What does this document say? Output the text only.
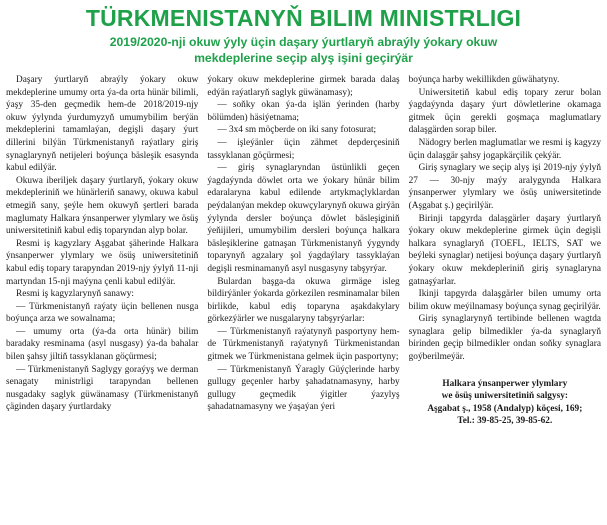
TÜRKMENISTANYŇ BILIM MINISTRLIGI
2019/2020-nji okuw ýyly üçin daşary ýurtlaryň abraýly ýokary okuw
mekdeplerine seçip alyş işini geçirýär

Daşary ýurtlaryň abraýly ýokary okuw mekdeplerine umumy orta ýa-da orta hünär bilimli, ýaşy 35-den geçmedik hem-de 2018/2019-njy okuw ýylynda ýurdumyzyň umumybilim berýän mekdeplerini tamamlaýan, degişli daşary ýurt dillerini bilýän Türkmenistanyň raýatlary giriş synaglarynyň netijeleri boýunça bäsleşik esasynda kabul edilýär.

Okuwa iberiljek daşary ýurtlaryň, ýokary okuw mekdepleriniň we hünärleriň sanawy, okuwa kabul etmegiň sany, şeýle hem okuwyň şertleri barada maglumaty Halkara ýnsanperwer ylymlary we ösüş uniwersitetiniň kabul ediş toparyndan alyp bolar.

Resmi iş kagyzlary Aşgabat şäherinde Halkara ýnsanperwer ylymlary we ösüş uniwersitetiniň kabul ediş topary tarapyndan 2019-njy ýylyň 11-nji martyndan 15-nji maýyna çenli kabul edilýär.

Resmi iş kagyzlarynyň sanawy:

— Türkmenistanyň raýaty üçin bellenen nusga boýunça arza we sowalnama;

— umumy orta (ýa-da orta hünär) bilim baradaky resminama (asyl nusgasy) ýa-da bahalar bilen şahsy jiltiň tassyklanan göçürmesi;

— Türkmenistanyň Saglygy goraýyş we derman senagaty ministrligi tarapyndan bellenen nusgadaky saglyk güwänamasy (Türkmenistanyň çäginden daşary ýurtlardaky

ýokary okuw mekdeplerine girmek barada dalaş edýän raýatlaryň saglyk güwänamasy);

— soňky okan ýa-da işlän ýerinden (harby bölümden) häsiýetnama;

— 3x4 sm möçberde on iki sany fotosurat;

— işleýänler üçin zähmet depderçesiniň tassyklanan göçürmesi;

— giriş synaglaryndan üstünlikli geçen ýagdaýynda döwlet orta we ýokary hünär bilim edaralaryna kabul edilende artykmaçlyklardan peýdalanýan mekdep okuwçylarynyň okuwa girýän ýylynda dersler boýunça döwlet bäsleşiginiň ýeňijileri, umumybilim dersleri boýunça halkara bäsleşiklerine gatnaşan Türkmenistanyň ýygyndy toparynyň agzalary şol ýagdaýlary tassyklaýan degişli resminamanyň asyl nusgasyny tabşyrýar.

Bulardan başga-da okuwa girmäge isleg bildirýänler ýokarda görkezilen resminamalar bilen birlikde, kabul ediş toparyna aşakdakylary görkezýärler we nusgalaryny tabşyrýarlar:

— Türkmenistanyň raýatynyň pasportyny hem-de Türkmenistanyň raýatynyň Türkmenistandan gitmek we Türkmenistana gelmek üçin pasportyny;

— Türkmenistanyň Ýaragly Güýçlerinde harby gullugy geçenler harby şahadatnamasyny, harby gullugy geçmedik ýigitler ýazylyş şahadatnamasyny we ýaşaýan ýeri

boýunça harby wekillikden güwähatyny.

Uniwersitetiň kabul ediş topary zerur bolan ýagdaýynda daşary ýurt döwletlerine okamaga gitmek üçin gerekli goşmaça maglumatlary dalaşgärden sorap biler.

Nädogry berlen maglumatlar we resmi iş kagyzy üçin dalaşgär şahsy jogapkärçilik çekýär.

Giriş synaglary we seçip alyş işi 2019-njy ýylyň 27 — 30-njy maýy aralygynda Halkara ýnsanperwer ylymlary we ösüş uniwersitetinde (Aşgabat ş.) geçirilýär.

Birinji tapgyrda dalaşgärler daşary ýurtlaryň ýokary okuw mekdeplerine girmek üçin degişli halkara synaglaryň (TOEFL, IELTS, SAT we beýleki synaglar) netijesi boýunça daşary ýurtlaryň ýokary okuw mekdepleriniň giriş synaglaryna gatnaşýarlar.

Ikinji tapgyrda dalaşgärler bilen umumy orta bilim okuw meýilnamasy boýunça synag geçirilýär.

Giriş synaglarynyň tertibinde bellenen wagtda synaglara gelip bilmedikler ýa-da synaglaryň birinden geçip bilmedikler ondan soňky synaglara goýberilmeýär.

Halkara ýnsanperwer ylymlary
we ösüş uniwersitetiniň salgysy:
Aşgabat ş., 1958 (Andalyp) köçesi, 169;
Tel.: 39-85-25, 39-85-62.
